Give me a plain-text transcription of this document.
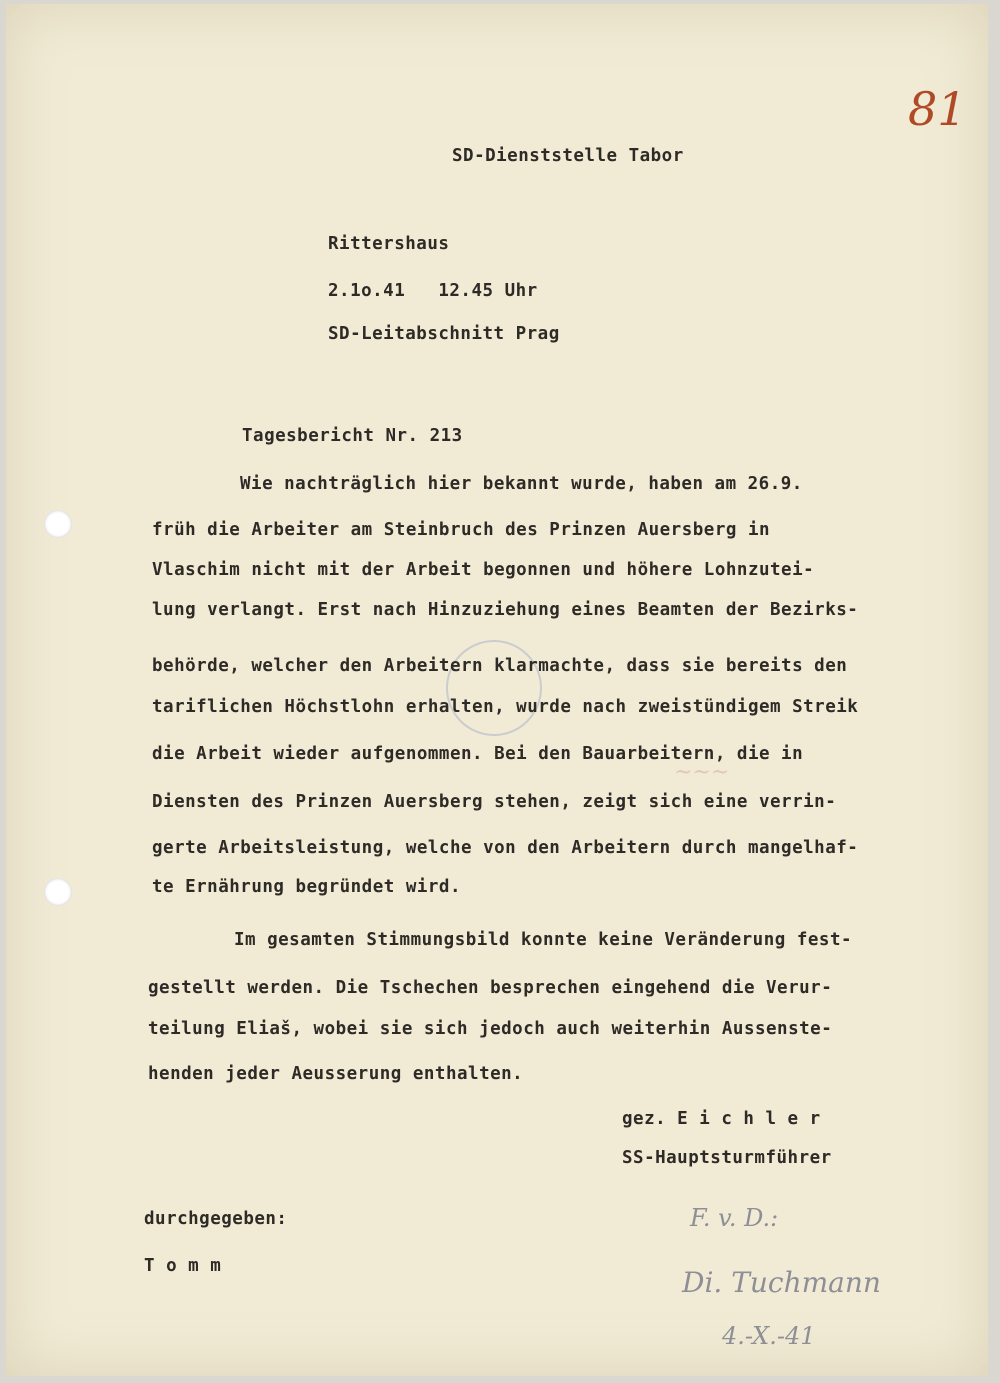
~~~
81
SD-Dienststelle Tabor
Rittershaus
2.1o.41   12.45 Uhr
SD-Leitabschnitt Prag
Tagesbericht Nr. 213
Wie nachträglich hier bekannt wurde, haben am 26.9.
früh die Arbeiter am Steinbruch des Prinzen Auersberg in
Vlaschim nicht mit der Arbeit begonnen und höhere Lohnzutei-
lung verlangt. Erst nach Hinzuziehung eines Beamten der Bezirks-
behörde, welcher den Arbeitern klarmachte, dass sie bereits den
tariflichen Höchstlohn erhalten, wurde nach zweistündigem Streik
die Arbeit wieder aufgenommen. Bei den Bauarbeitern, die in
Diensten des Prinzen Auersberg stehen, zeigt sich eine verrin-
gerte Arbeitsleistung, welche von den Arbeitern durch mangelhaf-
te Ernährung begründet wird.
Im gesamten Stimmungsbild konnte keine Veränderung fest-
gestellt werden. Die Tschechen besprechen eingehend die Verur-
teilung Eliaš, wobei sie sich jedoch auch weiterhin Aussenste-
henden jeder Aeusserung enthalten.
gez. E i c h l e r
SS-Hauptsturmführer
durchgegeben:
T o m m
F. v. D.:
Di. Tuchmann
4.-X.-41
